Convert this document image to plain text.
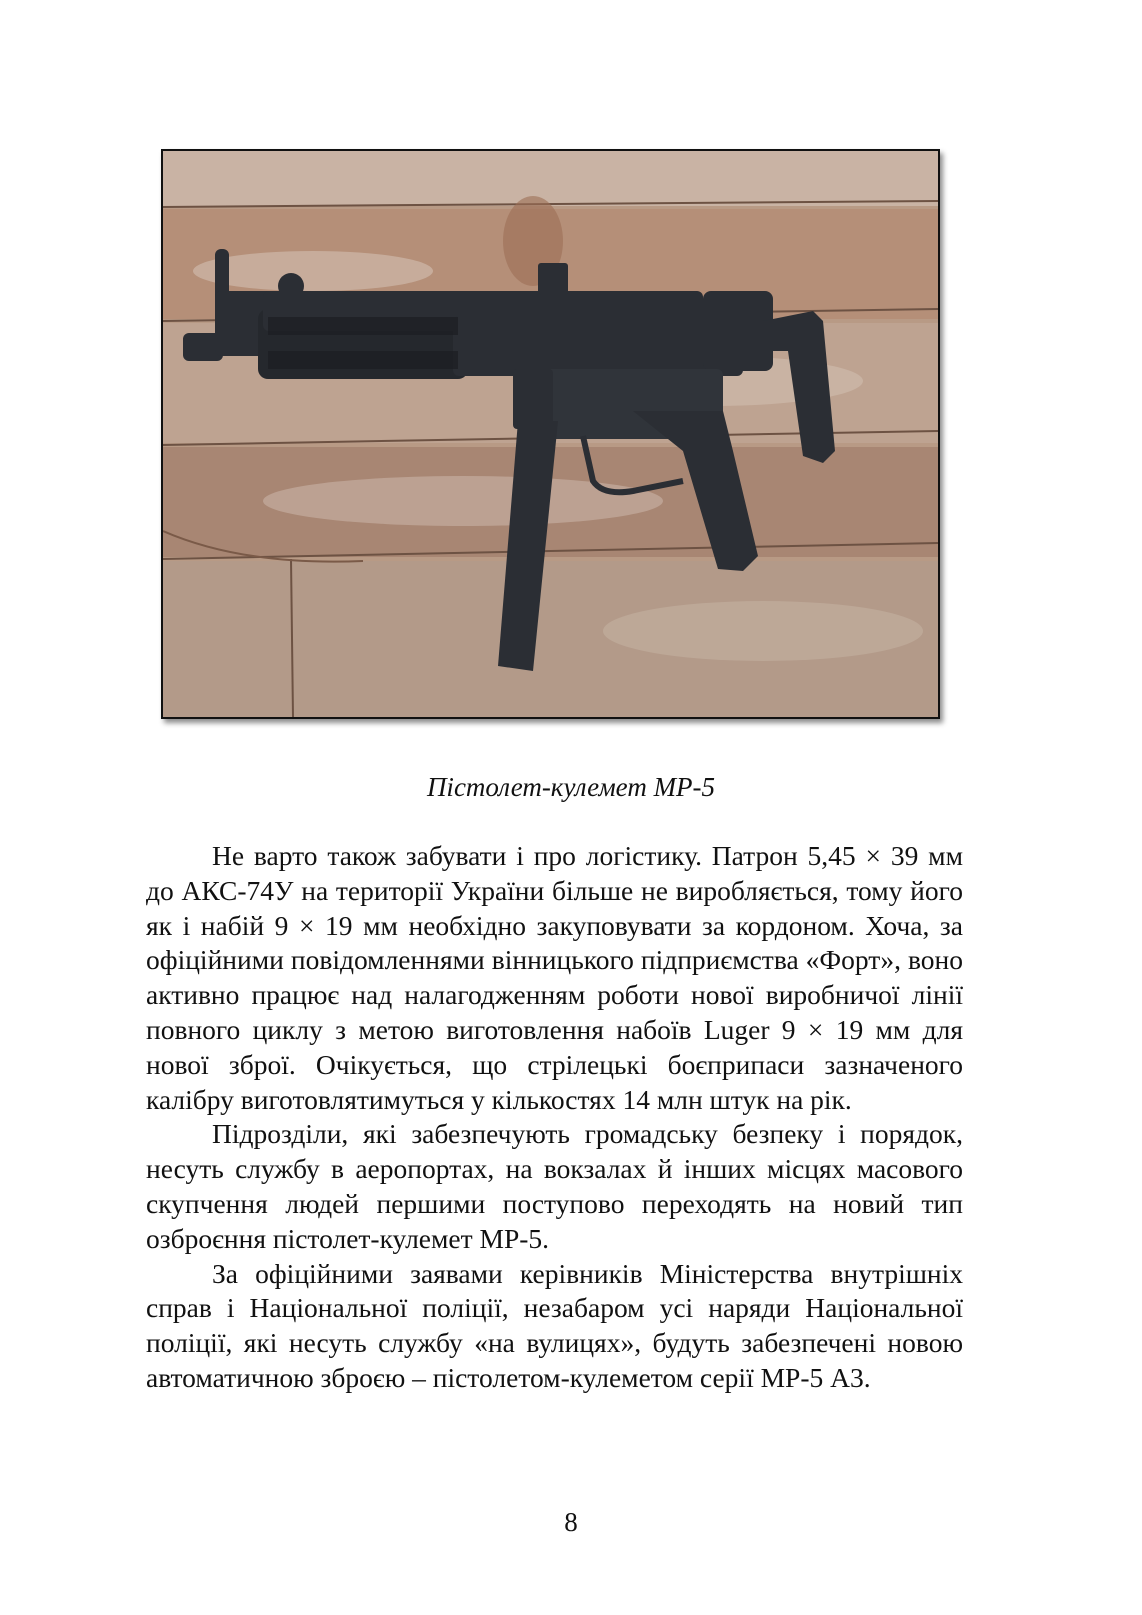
Пістолет-кулемет МР-5

Не варто також забувати і про логістику. Патрон 5,45 × 39 мм до АКС-74У на території України більше не виробляється, тому його як і набій 9 × 19 мм необхідно закуповувати за кордоном. Хоча, за офіційними повідомленнями вінницького підприємства «Форт», воно активно працює над налагодженням роботи нової виробничої лінії повного циклу з метою виготовлення набоїв Luger 9 × 19 мм для нової зброї. Очікується, що стрілецькі боєприпаси зазначеного калібру виготовлятимуться у кількостях 14 млн штук на рік.

Підрозділи, які забезпечують громадську безпеку і порядок, несуть службу в аеропортах, на вокзалах й інших місцях масового скупчення людей першими поступово переходять на новий тип озброєння пістолет-кулемет МР-5.

За офіційними заявами керівників Міністерства внутрішніх справ і Національної поліції, незабаром усі наряди Національної поліції, які несуть службу «на вулицях», будуть забезпечені новою автоматичною зброєю – пістолетом-кулеметом серії МР-5 А3.

8
